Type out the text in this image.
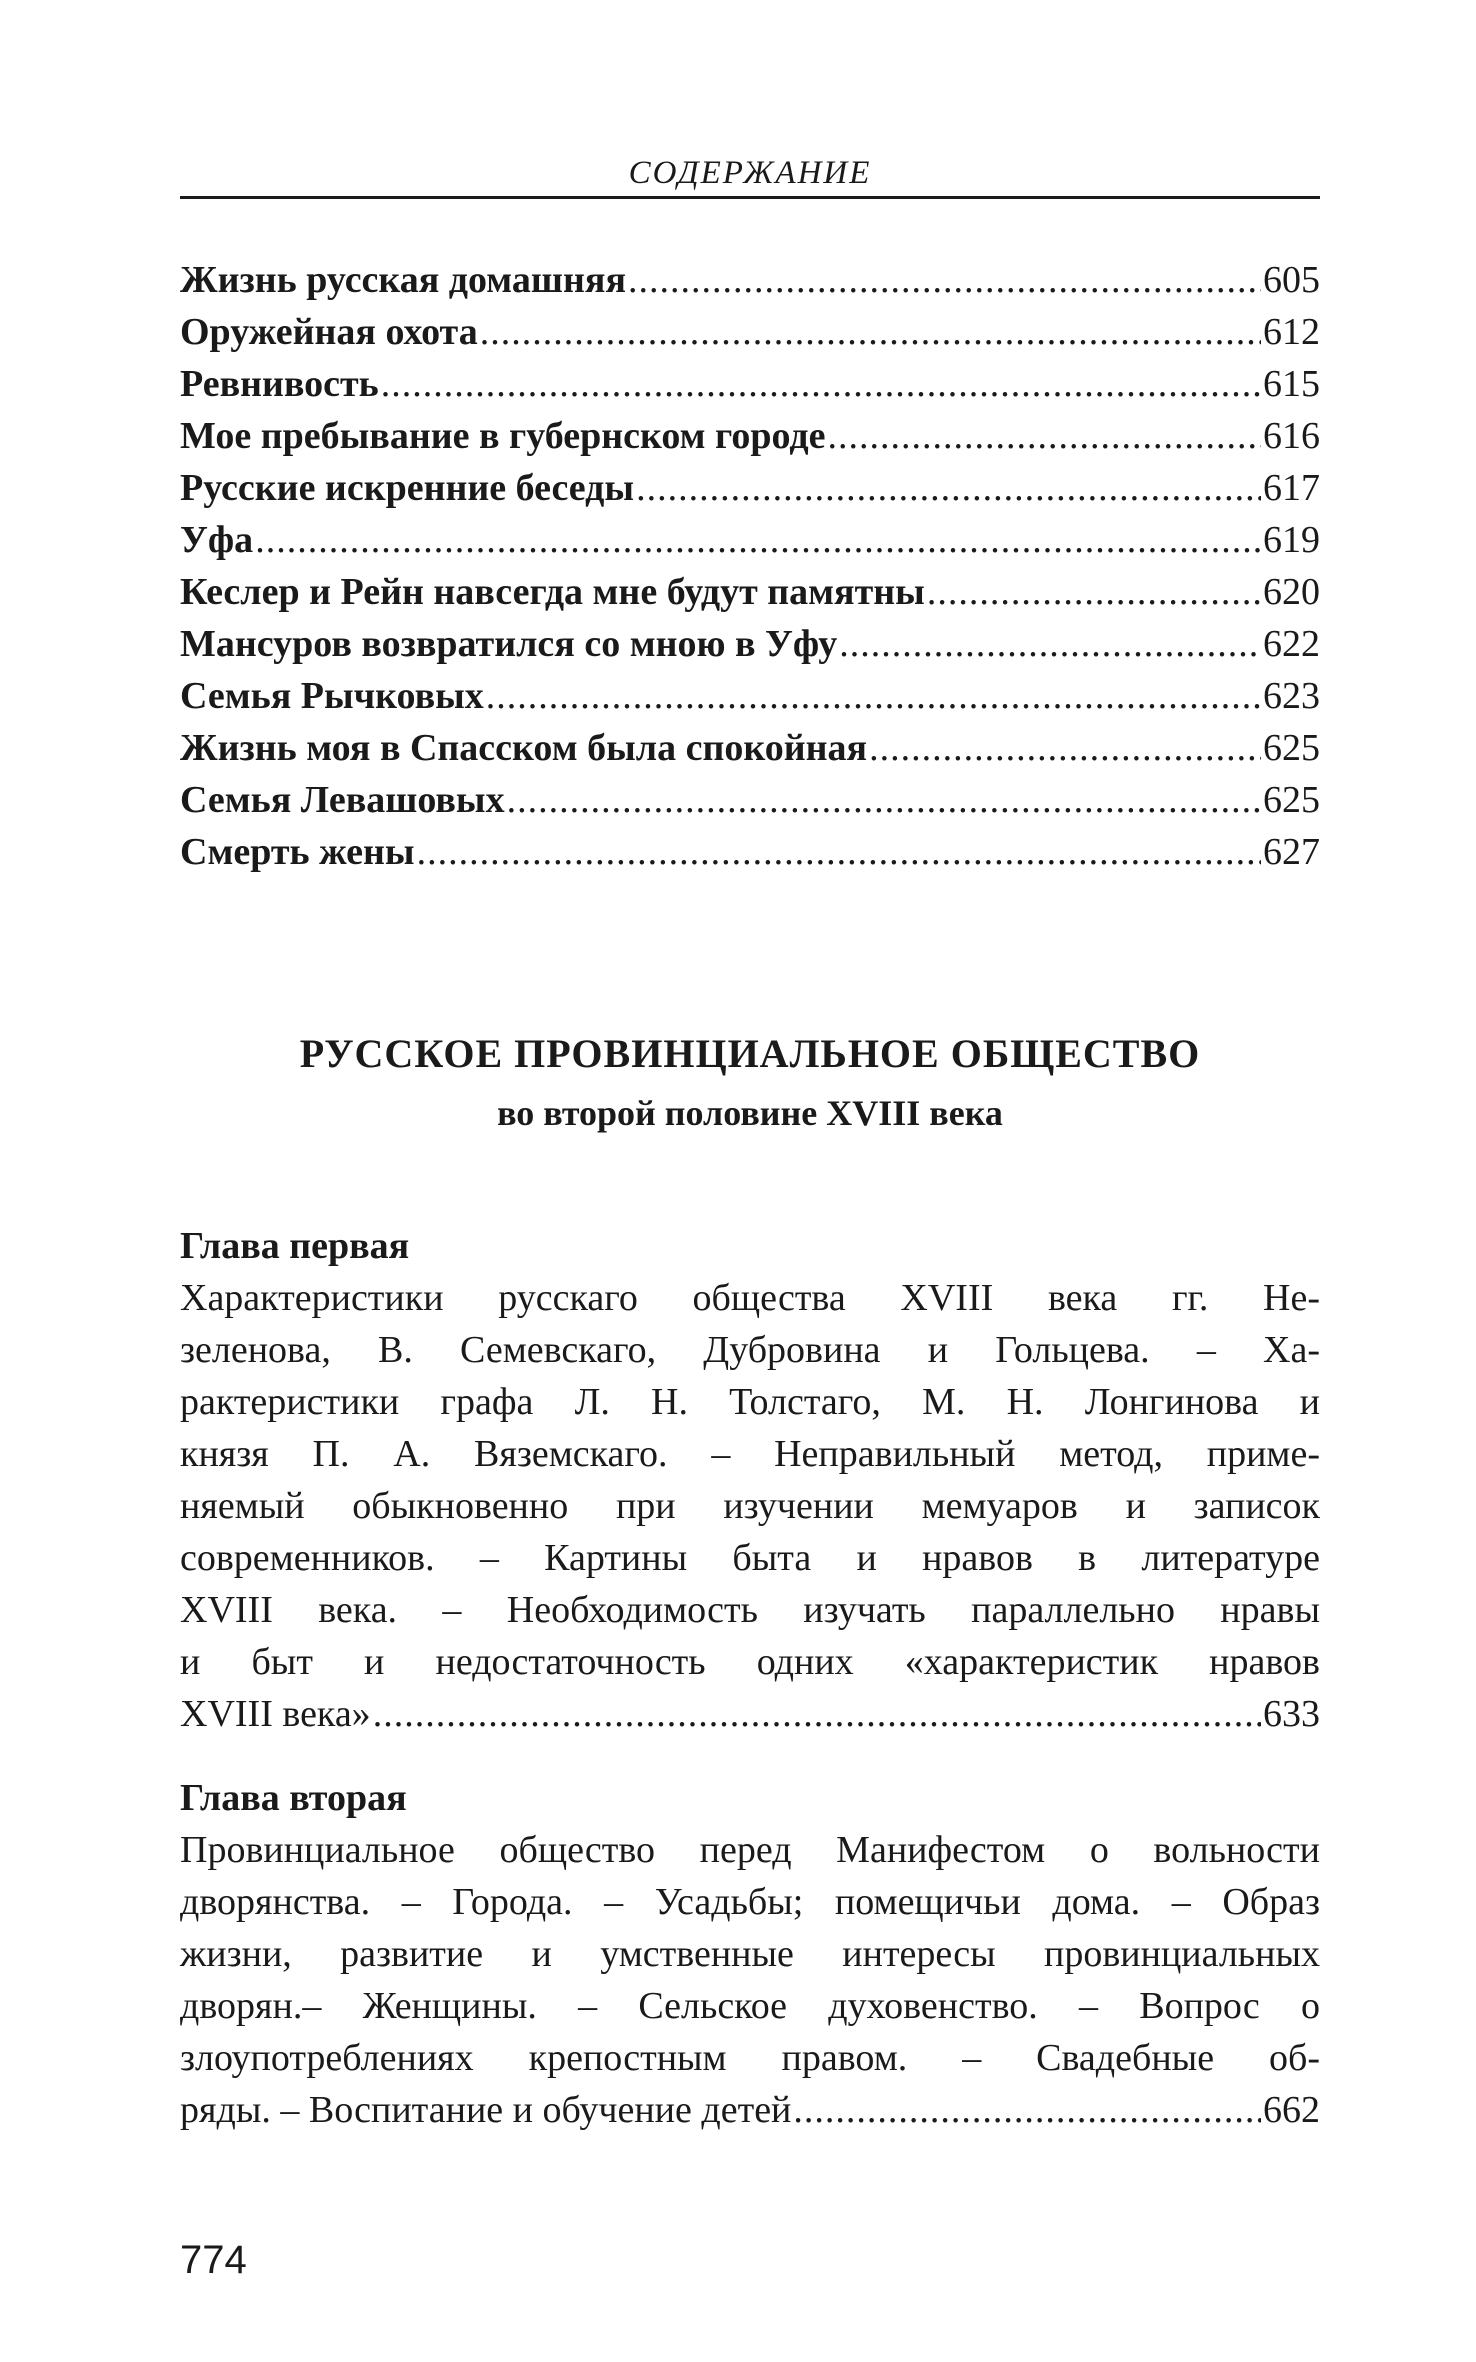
СОДЕРЖАНИЕ
Жизнь русская домашняя .....	605
Оружейная охота .....	612
Ревнивость .....	615
Мое пребывание в губернском городе .....	616
Русские искренние беседы .....	617
Уфа .....	619
Кеслер и Рейн навсегда мне будут памятны .....	620
Мансуров возвратился со мною в Уфу .....	622
Семья Рычковых .....	623
Жизнь моя в Спасском была спокойная .....	625
Семья Левашовых .....	625
Смерть жены .....	627
РУССКОЕ ПРОВИНЦИАЛЬНОЕ ОБЩЕСТВО
во второй половине XVIII века
Глава первая
Характеристики русскаго общества XVIII века гг. Не-
зеленова, В. Семевскаго, Дубровина и Гольцева. – Ха-
рактеристики графа Л. Н. Толстаго, М. Н. Лонгинова и
князя П. А. Вяземскаго. – Неправильный метод, приме-
няемый обыкновенно при изучении мемуаров и записок
современников. – Картины быта и нравов в литературе
XVIII века. – Необходимость изучать параллельно нравы
и быт и недостаточность одних «характеристик нравов
XVIII века» .....	633
Глава вторая
Провинциальное общество перед Манифестом о вольности
дворянства. – Города. – Усадьбы; помещичьи дома. – Образ
жизни, развитие и умственные интересы провинциальных
дворян.– Женщины. – Сельское духовенство. – Вопрос о
злоупотреблениях крепостным правом. – Свадебные об-
ряды. – Воспитание и обучение детей .....	662
774
